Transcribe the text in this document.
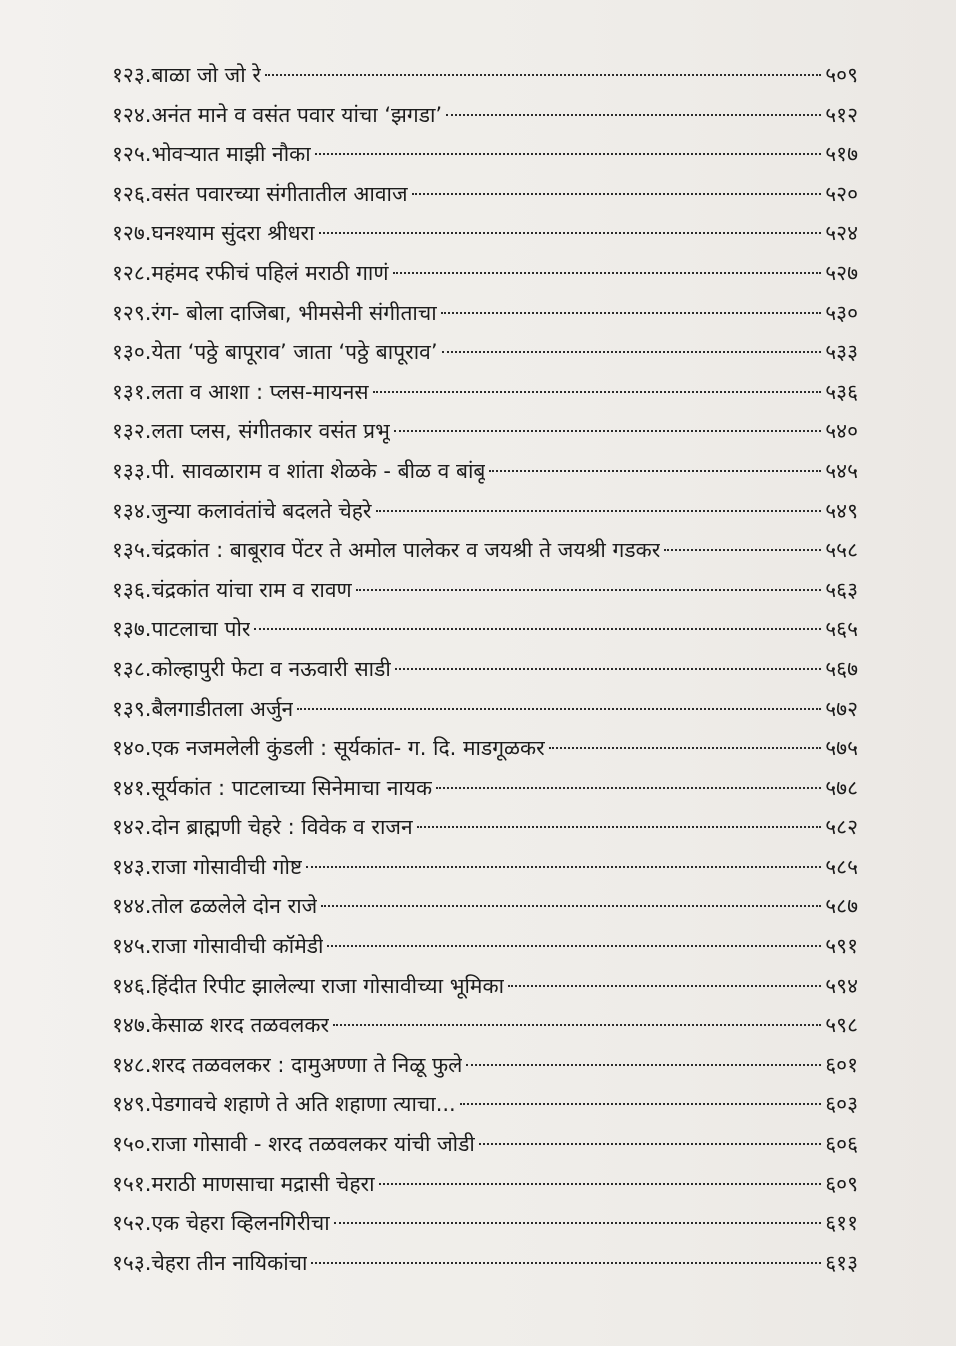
१२३. बाळा जो जो रे	५०९
१२४. अनंत माने व वसंत पवार यांचा ‘झगडा’	५१२
१२५. भोवऱ्यात माझी नौका	५१७
१२६. वसंत पवारच्या संगीतातील आवाज	५२०
१२७. घनश्याम सुंदरा श्रीधरा	५२४
१२८. महंमद रफीचं पहिलं मराठी गाणं	५२७
१२९. रंग- बोला दाजिबा, भीमसेनी संगीताचा	५३०
१३०. येता ‘पठ्ठे बापूराव’ जाता ‘पठ्ठे बापूराव’	५३३
१३१. लता व आशा : प्लस-मायनस	५३६
१३२. लता प्लस, संगीतकार वसंत प्रभू	५४०
१३३. पी. सावळाराम व शांता शेळके - बीळ व बांबू	५४५
१३४. जुन्या कलावंतांचे बदलते चेहरे	५४९
१३५. चंद्रकांत : बाबूराव पेंटर ते अमोल पालेकर व जयश्री ते जयश्री गडकर	५५८
१३६. चंद्रकांत यांचा राम व रावण	५६३
१३७. पाटलाचा पोर	५६५
१३८. कोल्हापुरी फेटा व नऊवारी साडी	५६७
१३९. बैलगाडीतला अर्जुन	५७२
१४०. एक नजमलेली कुंडली : सूर्यकांत- ग. दि. माडगूळकर	५७५
१४१. सूर्यकांत : पाटलाच्या सिनेमाचा नायक	५७८
१४२. दोन ब्राह्मणी चेहरे : विवेक व राजन	५८२
१४३. राजा गोसावीची गोष्ट	५८५
१४४. तोल ढळलेले दोन राजे	५८७
१४५. राजा गोसावीची कॉमेडी	५९१
१४६. हिंदीत रिपीट झालेल्या राजा गोसावीच्या भूमिका	५९४
१४७. केसाळ शरद तळवलकर	५९८
१४८. शरद तळवलकर : दामुअण्णा ते निळू फुले	६०१
१४९. पेडगावचे शहाणे ते अति शहाणा त्याचा...	६०३
१५०. राजा गोसावी - शरद तळवलकर यांची जोडी	६०६
१५१. मराठी माणसाचा मद्रासी चेहरा	६०९
१५२. एक चेहरा व्हिलनगिरीचा	६११
१५३. चेहरा तीन नायिकांचा	६१३
